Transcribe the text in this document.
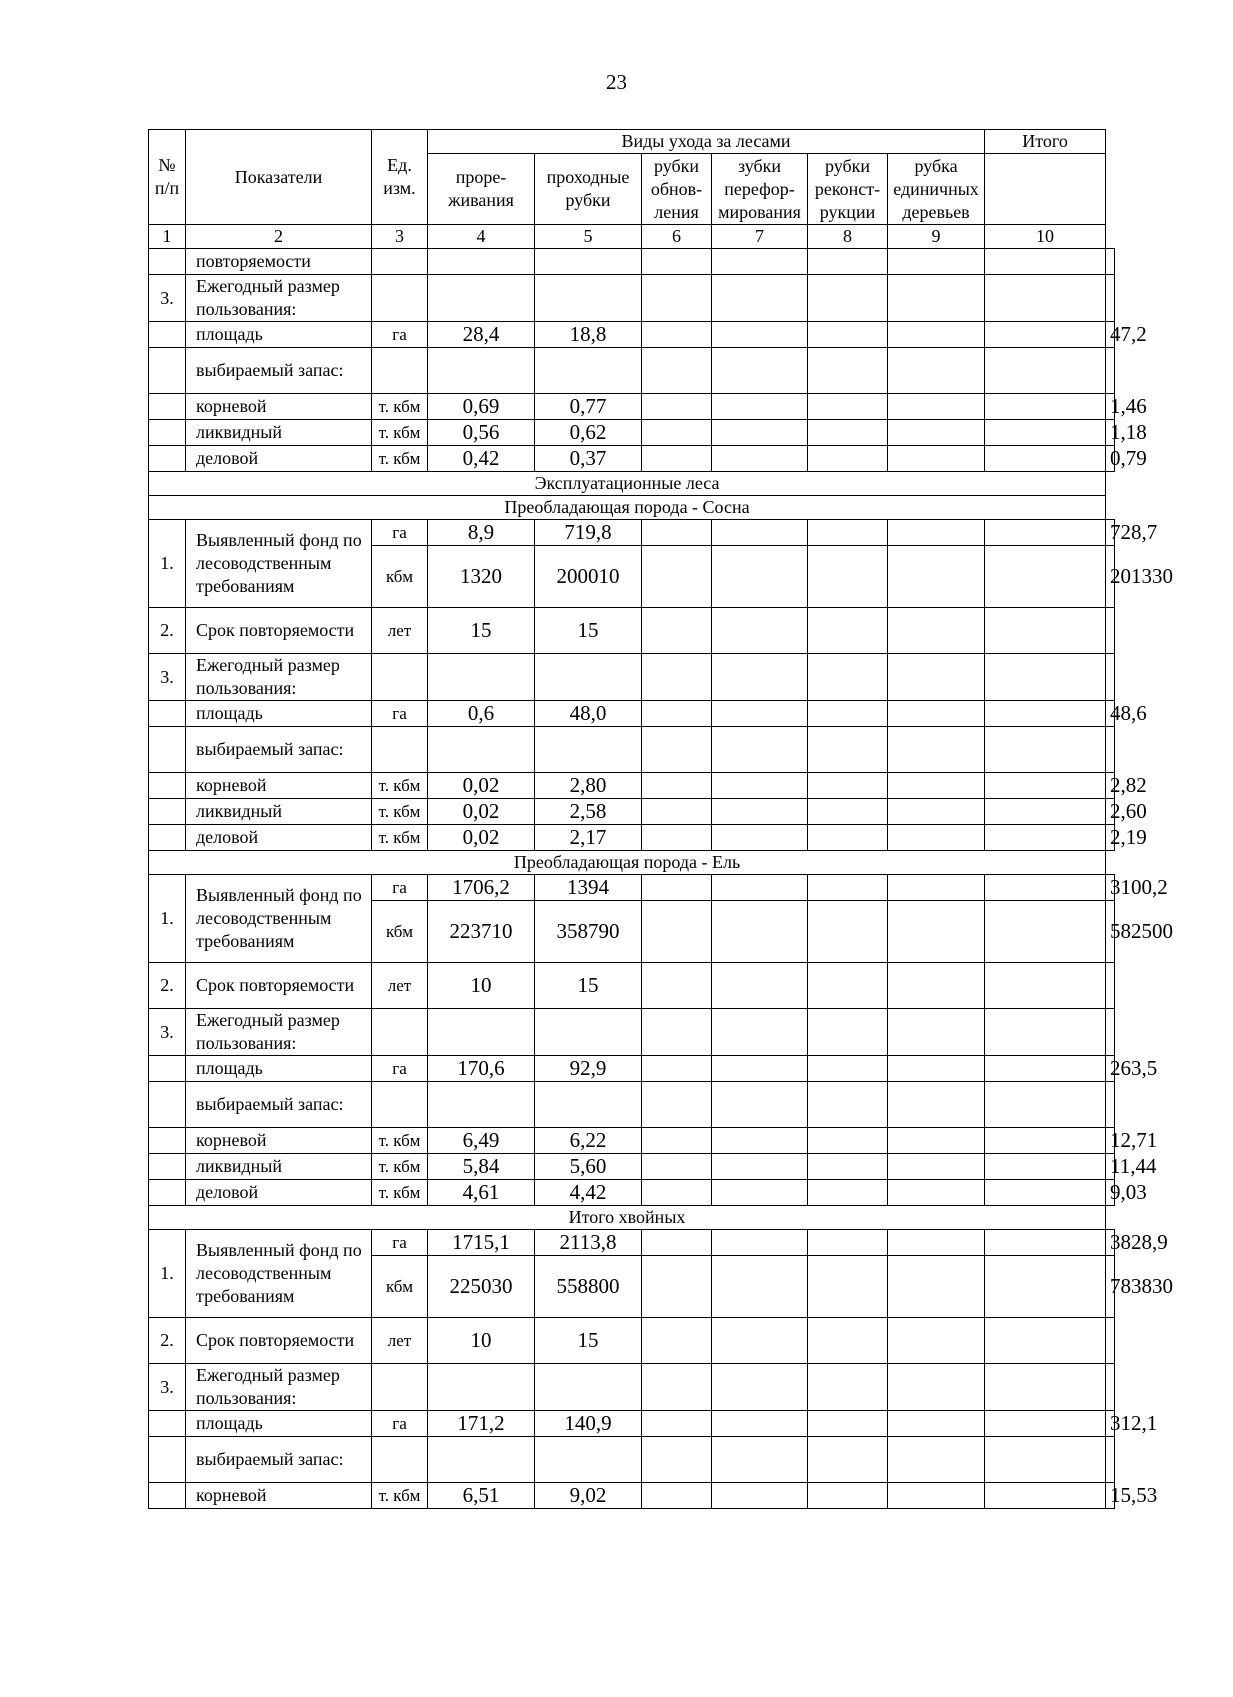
23
№ п/п	Показатели	Ед. изм.	Виды ухода за лесами						Итого	
			проре-живания	проходные рубки	рубки обнов-ления	зубки перефор-мирования	рубки реконст-рукции	рубка единичных деревьев		
1	2	3	4	5	6	7	8	9	10	
	повторяемости									
3.	Ежегодный размер пользования:									
	площадь	га	28,4	18,8						47,2
	выбираемый запас:									
	корневой	т. кбм	0,69	0,77						1,46
	ликвидный	т. кбм	0,56	0,62						1,18
	деловой	т. кбм	0,42	0,37						0,79
Эксплуатационные леса										
Преобладающая порода - Сосна										
1.	Выявленный фонд по лесоводственным требованиям	га	8,9	719,8						728,7
		кбм	1320	200010						201330
2.	Срок повторяемости	лет	15	15						
3.	Ежегодный размер пользования:									
	площадь	га	0,6	48,0						48,6
	выбираемый запас:									
	корневой	т. кбм	0,02	2,80						2,82
	ликвидный	т. кбм	0,02	2,58						2,60
	деловой	т. кбм	0,02	2,17						2,19
Преобладающая порода - Ель										
1.	Выявленный фонд по лесоводственным требованиям	га	1706,2	1394						3100,2
		кбм	223710	358790						582500
2.	Срок повторяемости	лет	10	15						
3.	Ежегодный размер пользования:									
	площадь	га	170,6	92,9						263,5
	выбираемый запас:									
	корневой	т. кбм	6,49	6,22						12,71
	ликвидный	т. кбм	5,84	5,60						11,44
	деловой	т. кбм	4,61	4,42						9,03
Итого хвойных										
1.	Выявленный фонд по лесоводственным требованиям	га	1715,1	2113,8						3828,9
		кбм	225030	558800						783830
2.	Срок повторяемости	лет	10	15						
3.	Ежегодный размер пользования:									
	площадь	га	171,2	140,9						312,1
	выбираемый запас:									
	корневой	т. кбм	6,51	9,02						15,53
